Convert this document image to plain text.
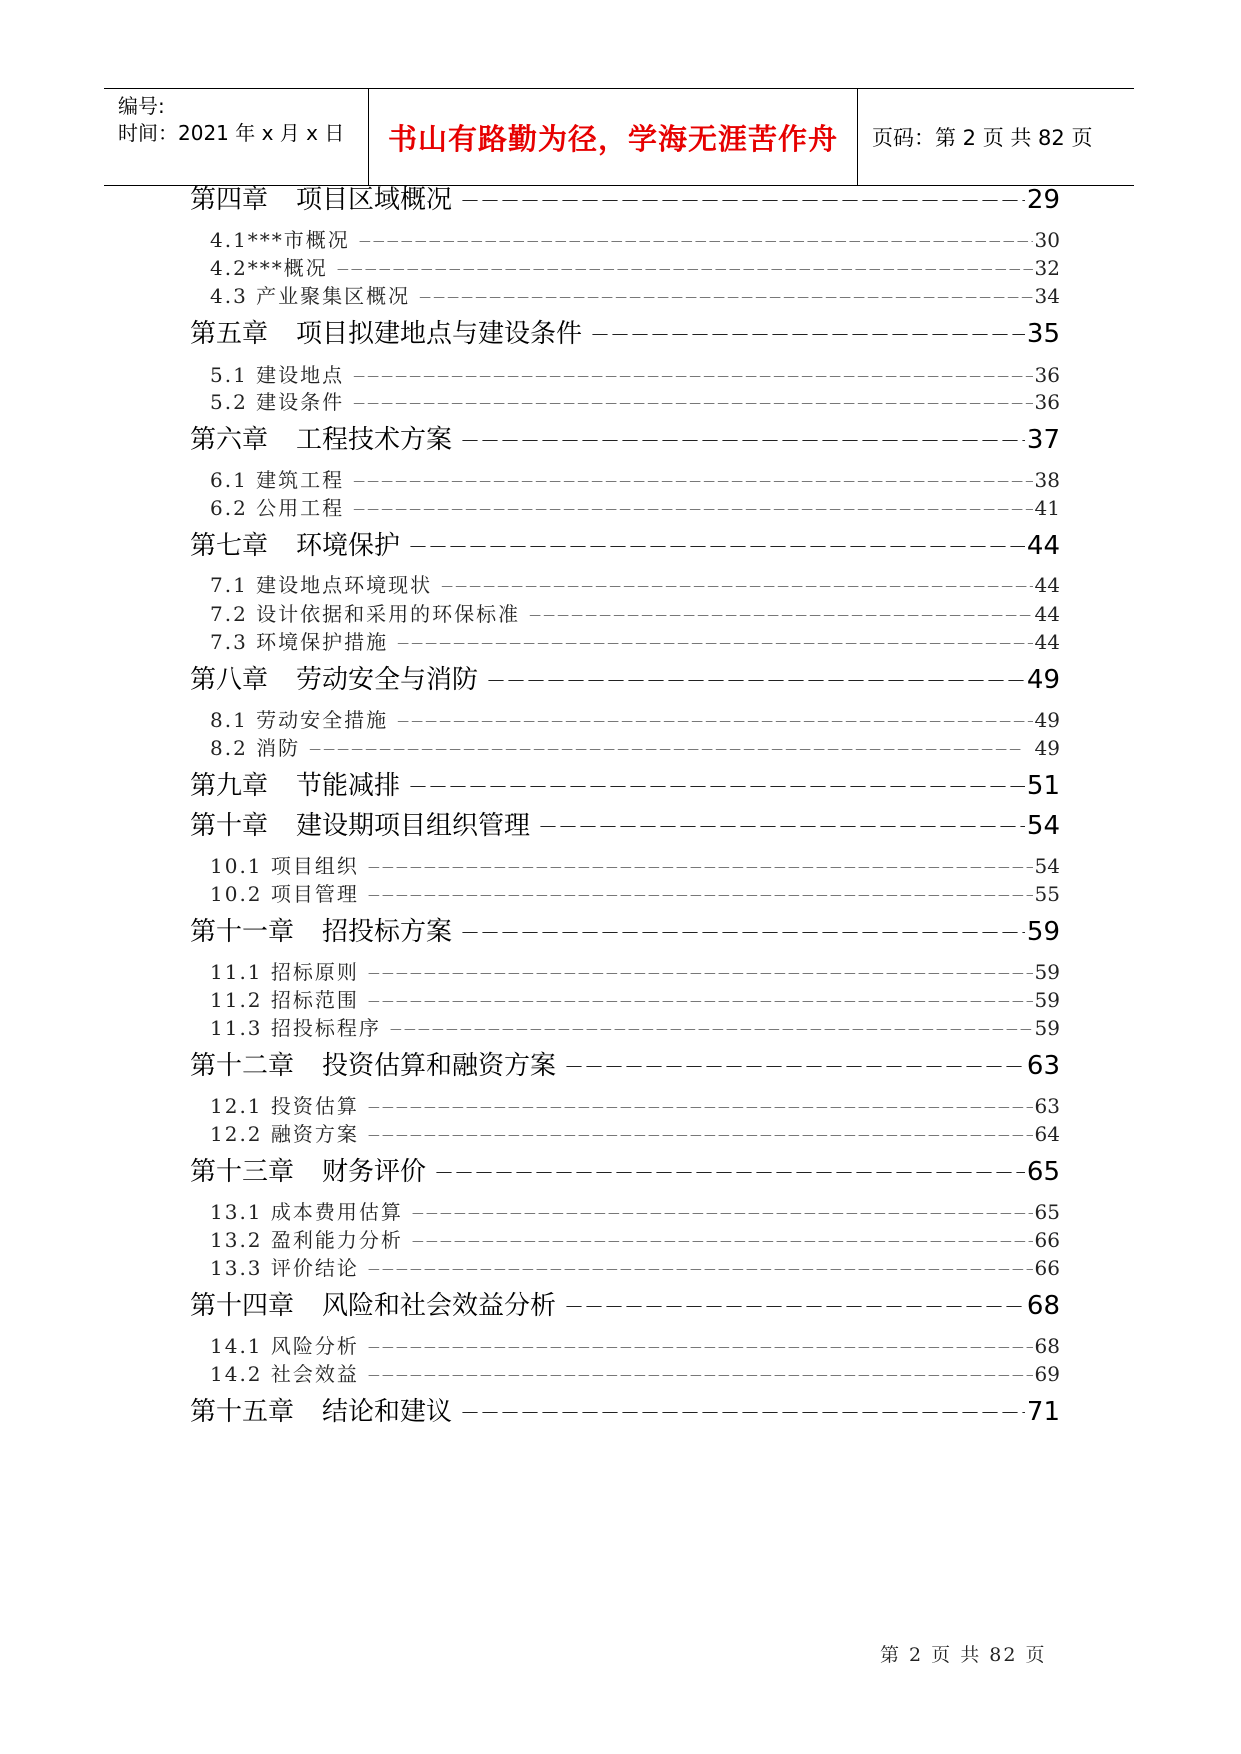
编号:
时间：2021 年 x 月 x 日 书山有路勤为径，学海无涯苦作舟 页码：第 2 页 共 82 页
第四章 项目区域概况 －－－－－－－－－－－－－－－－－－－－－－－－－－－－－－－－－－－－－－－－－－－－－－－	29
4.1***市概况 －－－－－－－－－－－－－－－－－－－－－－－－－－－－－－－－－－－－－－－－－－－－－－－－－－－	30
4.2***概况 －－－－－－－－－－－－－－－－－－－－－－－－－－－－－－－－－－－－－－－－－－－－－－－－－－－	32
4.3 产业聚集区概况 －－－－－－－－－－－－－－－－－－－－－－－－－－－－－－－－－－－－－－－－－－－－－－－－－－－	34
第五章 项目拟建地点与建设条件 －－－－－－－－－－－－－－－－－－－－－－－－－－－－－－－－－－－－－－－－－－－－－－－	35
5.1 建设地点 －－－－－－－－－－－－－－－－－－－－－－－－－－－－－－－－－－－－－－－－－－－－－－－－－－－	36
5.2 建设条件 －－－－－－－－－－－－－－－－－－－－－－－－－－－－－－－－－－－－－－－－－－－－－－－－－－－	36
第六章 工程技术方案 －－－－－－－－－－－－－－－－－－－－－－－－－－－－－－－－－－－－－－－－－－－－－－－	37
6.1 建筑工程 －－－－－－－－－－－－－－－－－－－－－－－－－－－－－－－－－－－－－－－－－－－－－－－－－－－	38
6.2 公用工程 －－－－－－－－－－－－－－－－－－－－－－－－－－－－－－－－－－－－－－－－－－－－－－－－－－－	41
第七章 环境保护 －－－－－－－－－－－－－－－－－－－－－－－－－－－－－－－－－－－－－－－－－－－－－－－	44
7.1 建设地点环境现状 －－－－－－－－－－－－－－－－－－－－－－－－－－－－－－－－－－－－－－－－－－－－－－－－－－－	44
7.2 设计依据和采用的环保标准 －－－－－－－－－－－－－－－－－－－－－－－－－－－－－－－－－－－－－－－－－－－－－－－－－－－	44
7.3 环境保护措施 －－－－－－－－－－－－－－－－－－－－－－－－－－－－－－－－－－－－－－－－－－－－－－－－－－－	44
第八章 劳动安全与消防 －－－－－－－－－－－－－－－－－－－－－－－－－－－－－－－－－－－－－－－－－－－－－－－	49
8.1 劳动安全措施 －－－－－－－－－－－－－－－－－－－－－－－－－－－－－－－－－－－－－－－－－－－－－－－－－－－	49
8.2 消防 －－－－－－－－－－－－－－－－－－－－－－－－－－－－－－－－－－－－－－－－－－－－－－－－－－－	49
第九章 节能减排 －－－－－－－－－－－－－－－－－－－－－－－－－－－－－－－－－－－－－－－－－－－－－－－	51
第十章 建设期项目组织管理 －－－－－－－－－－－－－－－－－－－－－－－－－－－－－－－－－－－－－－－－－－－－－－－	54
10.1 项目组织 －－－－－－－－－－－－－－－－－－－－－－－－－－－－－－－－－－－－－－－－－－－－－－－－－－－	54
10.2 项目管理 －－－－－－－－－－－－－－－－－－－－－－－－－－－－－－－－－－－－－－－－－－－－－－－－－－－	55
第十一章 招投标方案 －－－－－－－－－－－－－－－－－－－－－－－－－－－－－－－－－－－－－－－－－－－－－－－	59
11.1 招标原则 －－－－－－－－－－－－－－－－－－－－－－－－－－－－－－－－－－－－－－－－－－－－－－－－－－－	59
11.2 招标范围 －－－－－－－－－－－－－－－－－－－－－－－－－－－－－－－－－－－－－－－－－－－－－－－－－－－	59
11.3 招投标程序 －－－－－－－－－－－－－－－－－－－－－－－－－－－－－－－－－－－－－－－－－－－－－－－－－－－	59
第十二章 投资估算和融资方案 －－－－－－－－－－－－－－－－－－－－－－－－－－－－－－－－－－－－－－－－－－－－－－－	63
12.1 投资估算 －－－－－－－－－－－－－－－－－－－－－－－－－－－－－－－－－－－－－－－－－－－－－－－－－－－	63
12.2 融资方案 －－－－－－－－－－－－－－－－－－－－－－－－－－－－－－－－－－－－－－－－－－－－－－－－－－－	64
第十三章 财务评价 －－－－－－－－－－－－－－－－－－－－－－－－－－－－－－－－－－－－－－－－－－－－－－－	65
13.1 成本费用估算 －－－－－－－－－－－－－－－－－－－－－－－－－－－－－－－－－－－－－－－－－－－－－－－－－－－	65
13.2 盈利能力分析 －－－－－－－－－－－－－－－－－－－－－－－－－－－－－－－－－－－－－－－－－－－－－－－－－－－	66
13.3 评价结论 －－－－－－－－－－－－－－－－－－－－－－－－－－－－－－－－－－－－－－－－－－－－－－－－－－－	66
第十四章 风险和社会效益分析 －－－－－－－－－－－－－－－－－－－－－－－－－－－－－－－－－－－－－－－－－－－－－－－	68
14.1 风险分析 －－－－－－－－－－－－－－－－－－－－－－－－－－－－－－－－－－－－－－－－－－－－－－－－－－－	68
14.2 社会效益 －－－－－－－－－－－－－－－－－－－－－－－－－－－－－－－－－－－－－－－－－－－－－－－－－－－	69
第十五章 结论和建议 －－－－－－－－－－－－－－－－－－－－－－－－－－－－－－－－－－－－－－－－－－－－－－－	71
第 2 页 共 82 页
